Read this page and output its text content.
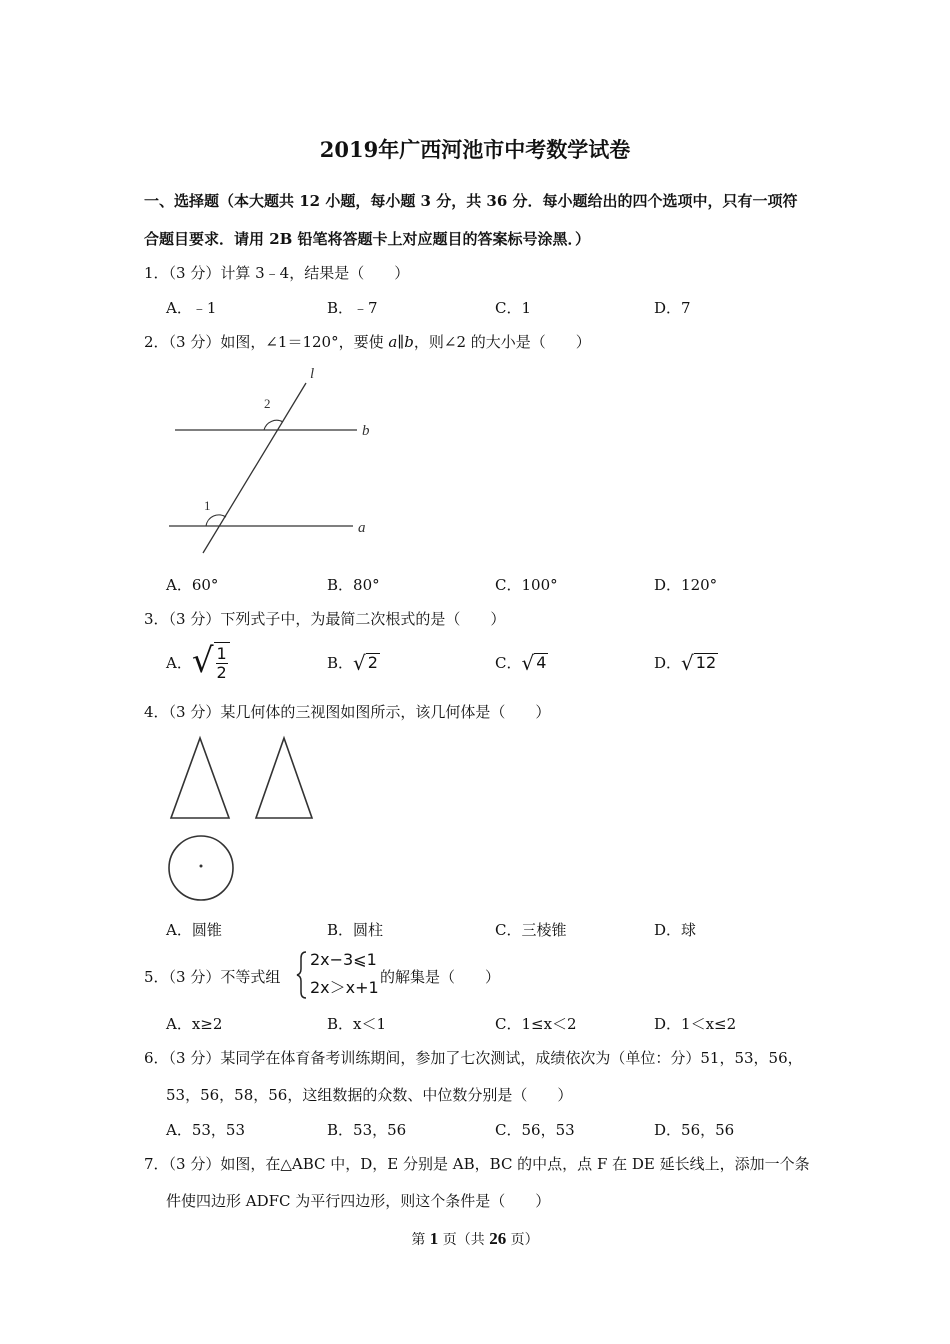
2019年广西河池市中考数学试卷
一、选择题（本大题共 12 小题，每小题 3 分，共 36 分．每小题给出的四个选项中，只有一项符
合题目要求．请用 2B 铅笔将答题卡上对应题目的答案标号涂黑．）
1．（3 分）计算 3﹣4，结果是（　　）
A．﹣1	B．﹣7	C．1	D．7
2．（3 分）如图，∠1＝120°，要使 a∥b，则∠2 的大小是（　　）
l
b
a
2
1
A．60°	B．80°	C．100°	D．120°
3．（3 分）下列式子中，为最简二次根式的是（　　）
A． √ $\frac{1}{2}$	B． √ 2	C． √ 4	D． √ 12
4．（3 分）某几何体的三视图如图所示，该几何体是（　　）
A．圆锥	B．圆柱	C．三棱锥	D．球
5．（3 分）不等式组
2x−3⩽1
2x＞x+1
的解集是（　　）
A．x≥2	B．x＜1	C．1≤x＜2	D．1＜x≤2
6．（3 分）某同学在体育备考训练期间，参加了七次测试，成绩依次为（单位：分）51，53，56，
53，56，58，56，这组数据的众数、中位数分别是（　　）
A．53，53	B．53，56	C．56，53	D．56，56
7．（3 分）如图，在△ABC 中，D，E 分别是 AB，BC 的中点，点 F 在 DE 延长线上，添加一个条
件使四边形 ADFC 为平行四边形，则这个条件是（　　）
第 1 页（共 26 页）
